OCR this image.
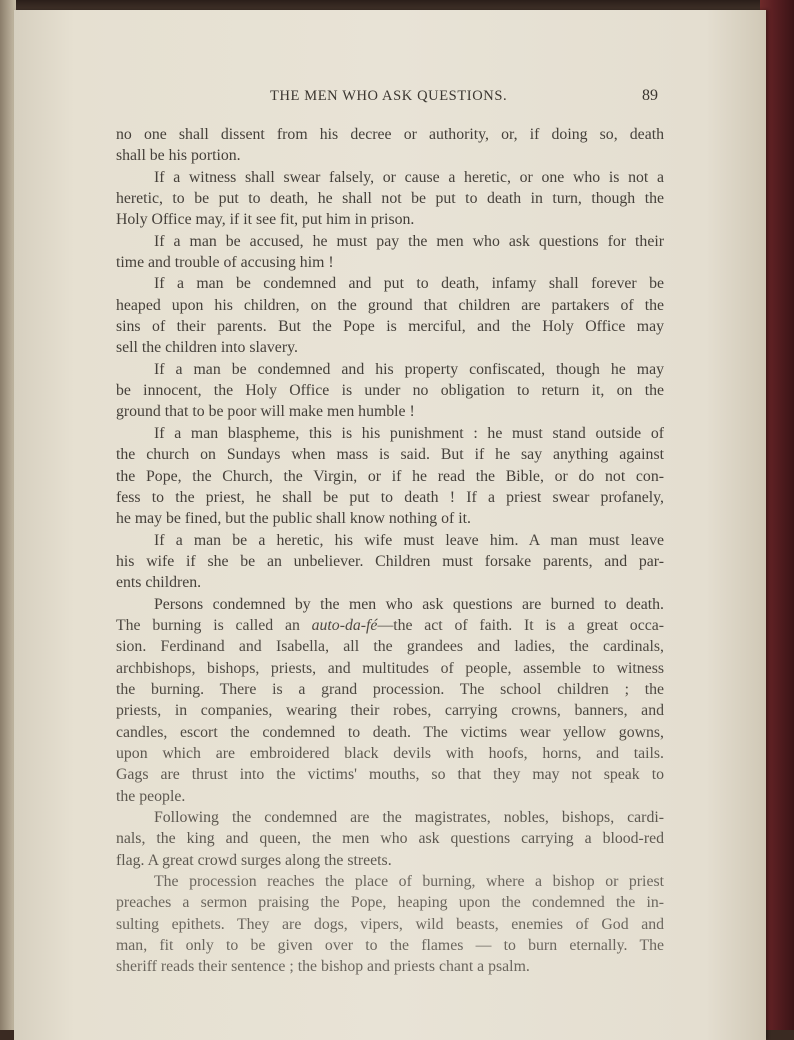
THE MEN WHO ASK QUESTIONS.	89
no one shall dissent from his decree or authority, or, if doing so, death
shall be his portion.
If a witness shall swear falsely, or cause a heretic, or one who is not a
heretic, to be put to death, he shall not be put to death in turn, though the
Holy Office may, if it see fit, put him in prison.
If a man be accused, he must pay the men who ask questions for their
time and trouble of accusing him !
If a man be condemned and put to death, infamy shall forever be
heaped upon his children, on the ground that children are partakers of the
sins of their parents. But the Pope is merciful, and the Holy Office may
sell the children into slavery.
If a man be condemned and his property confiscated, though he may
be innocent, the Holy Office is under no obligation to return it, on the
ground that to be poor will make men humble !
If a man blaspheme, this is his punishment : he must stand outside of
the church on Sundays when mass is said. But if he say anything against
the Pope, the Church, the Virgin, or if he read the Bible, or do not con-
fess to the priest, he shall be put to death ! If a priest swear profanely,
he may be fined, but the public shall know nothing of it.
If a man be a heretic, his wife must leave him. A man must leave
his wife if she be an unbeliever. Children must forsake parents, and par-
ents children.
Persons condemned by the men who ask questions are burned to death.
The burning is called an auto-da-fé—the act of faith. It is a great occa-
sion. Ferdinand and Isabella, all the grandees and ladies, the cardinals,
archbishops, bishops, priests, and multitudes of people, assemble to witness
the burning. There is a grand procession. The school children ; the
priests, in companies, wearing their robes, carrying crowns, banners, and
candles, escort the condemned to death. The victims wear yellow gowns,
upon which are embroidered black devils with hoofs, horns, and tails.
Gags are thrust into the victims' mouths, so that they may not speak to
the people.
Following the condemned are the magistrates, nobles, bishops, cardi-
nals, the king and queen, the men who ask questions carrying a blood-red
flag. A great crowd surges along the streets.
The procession reaches the place of burning, where a bishop or priest
preaches a sermon praising the Pope, heaping upon the condemned the in-
sulting epithets. They are dogs, vipers, wild beasts, enemies of God and
man, fit only to be given over to the flames — to burn eternally. The
sheriff reads their sentence ; the bishop and priests chant a psalm.
